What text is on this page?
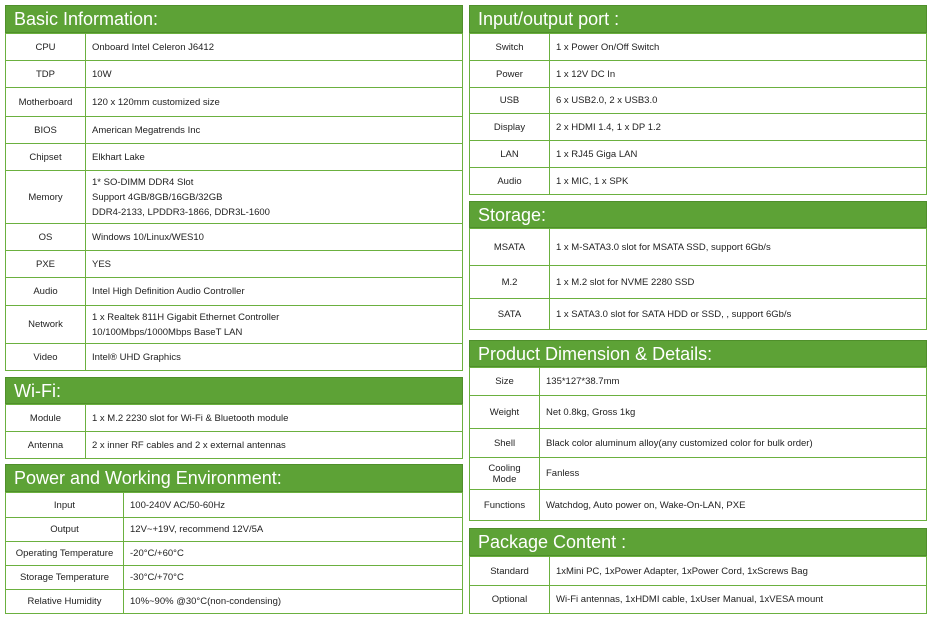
Basic Information:
CPU	Onboard Intel Celeron J6412
TDP	10W
Motherboard	120 x 120mm customized size
BIOS	American Megatrends Inc
Chipset	Elkhart Lake
Memory	1* SO-DIMM DDR4 Slot
Support 4GB/8GB/16GB/32GB
DDR4-2133, LPDDR3-1866, DDR3L-1600

OS	Windows 10/Linux/WES10
PXE	YES
Audio	Intel High Definition Audio Controller
Network	1 x Realtek 811H Gigabit Ethernet Controller
10/100Mbps/1000Mbps BaseT LAN

Video	Intel® UHD Graphics
Wi-Fi:
Module	1 x M.2 2230 slot for Wi-Fi & Bluetooth module
Antenna	2 x inner RF cables and 2 x external antennas
Power and Working Environment:
Input	100-240V AC/50-60Hz
Output	12V~+19V, recommend 12V/5A
Operating Temperature	-20°C/+60°C
Storage Temperature	-30°C/+70°C
Relative Humidity	10%~90% @30°C(non-condensing)
Input/output port :
Switch	1 x Power On/Off Switch
Power	1 x 12V DC In
USB	6 x USB2.0, 2 x USB3.0
Display	2 x HDMI 1.4, 1 x DP 1.2
LAN	1 x RJ45 Giga LAN
Audio	1 x MIC, 1 x SPK
Storage:
MSATA	1 x M-SATA3.0 slot for MSATA SSD, support 6Gb/s
M.2	1 x M.2 slot for NVME 2280 SSD
SATA	1 x SATA3.0 slot for SATA HDD or SSD, , support 6Gb/s
Product Dimension & Details:
Size	135*127*38.7mm
Weight	Net 0.8kg, Gross 1kg
Shell	Black color aluminum alloy(any customized color for bulk order)
Cooling Mode	Fanless
Functions	Watchdog, Auto power on, Wake-On-LAN, PXE
Package Content :
Standard	1xMini PC, 1xPower Adapter, 1xPower Cord, 1xScrews Bag
Optional	Wi-Fi antennas, 1xHDMI cable, 1xUser Manual, 1xVESA mount
